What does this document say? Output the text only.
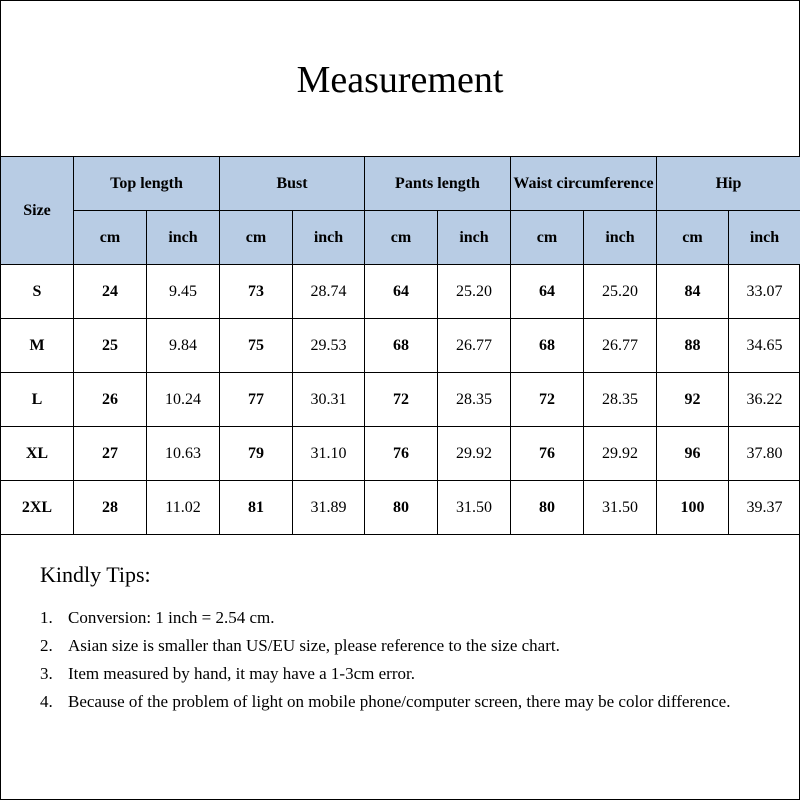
Measurement
Size	Top length		Bust		Pants length		Waist circumference		Hip	
	cm	inch	cm	inch	cm	inch	cm	inch	cm	inch
S	24	9.45	73	28.74	64	25.20	64	25.20	84	33.07
M	25	9.84	75	29.53	68	26.77	68	26.77	88	34.65
L	26	10.24	77	30.31	72	28.35	72	28.35	92	36.22
XL	27	10.63	79	31.10	76	29.92	76	29.92	96	37.80
2XL	28	11.02	81	31.89	80	31.50	80	31.50	100	39.37
Kindly Tips:
1. Conversion: 1 inch = 2.54 cm.
2. Asian size is smaller than US/EU size, please reference to the size chart.
3. Item measured by hand, it may have a 1-3cm error.
4. Because of the problem of light on mobile phone/computer screen, there may be color difference.
